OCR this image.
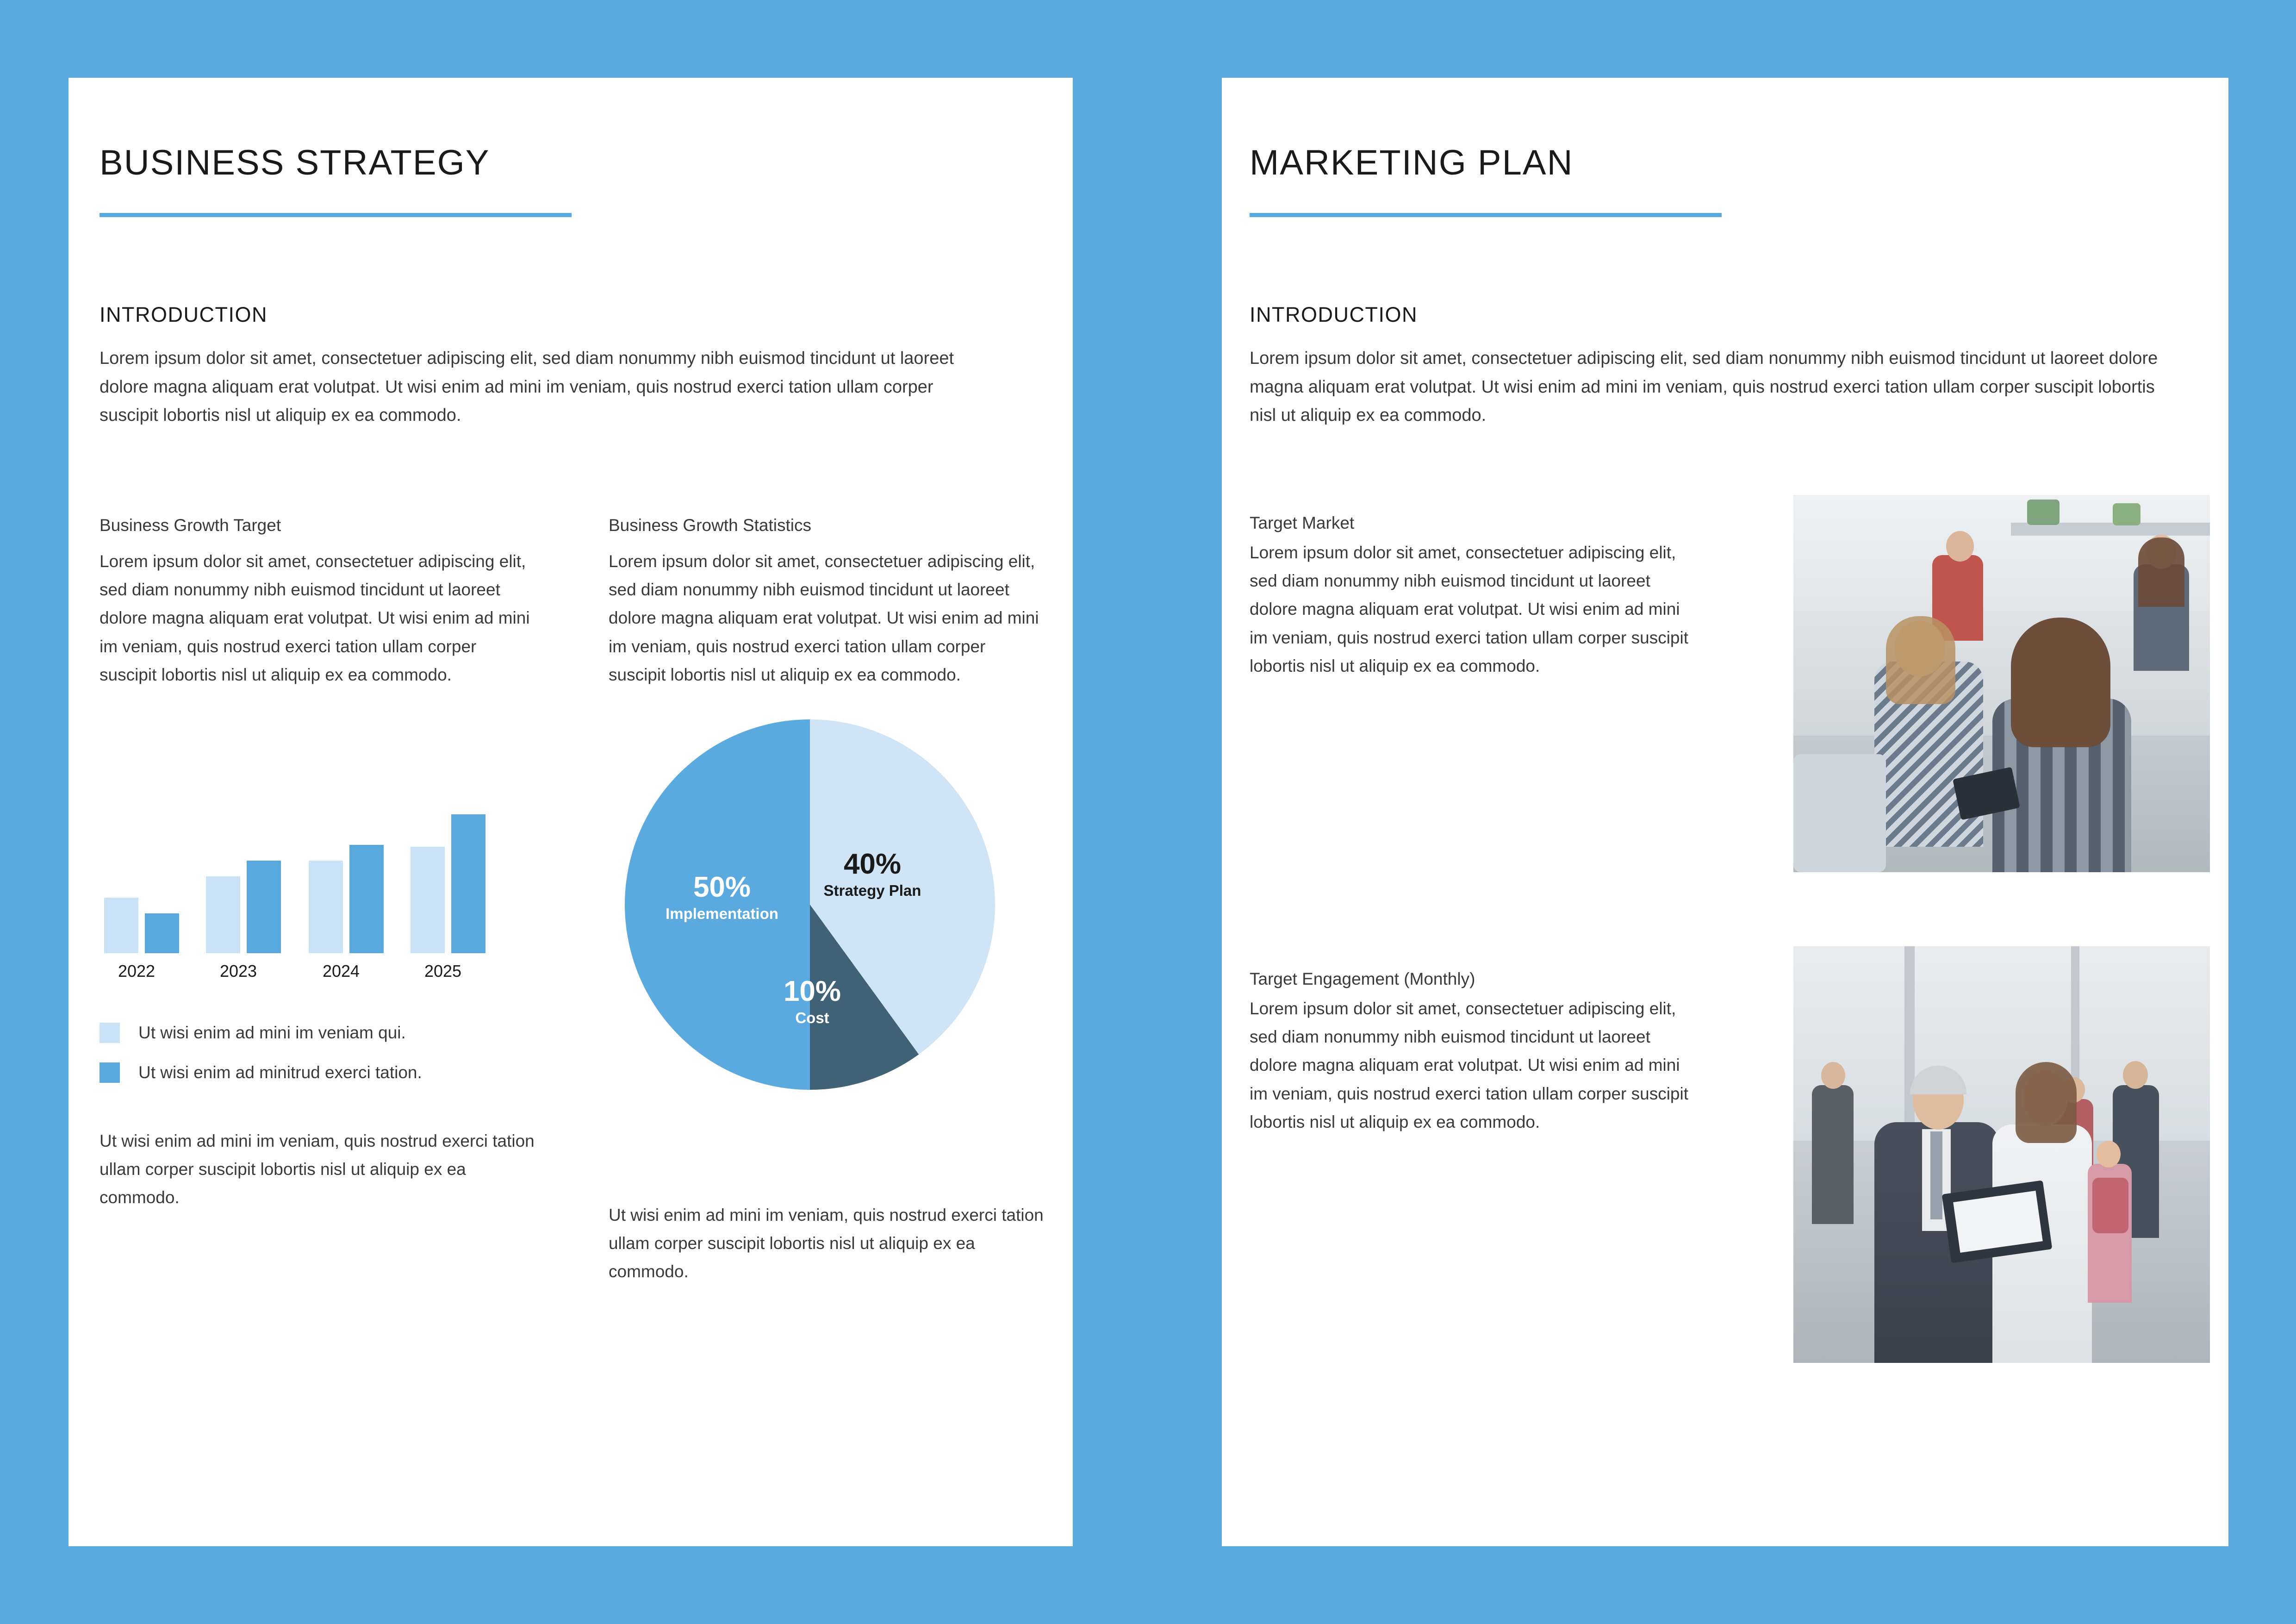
BUSINESS STRATEGY
INTRODUCTION
Lorem ipsum dolor sit amet, consectetuer adipiscing elit, sed diam nonummy nibh euismod tincidunt ut laoreet dolore magna aliquam erat volutpat. Ut wisi enim ad mini im veniam, quis nostrud exerci tation ullam corper suscipit lobortis nisl ut aliquip ex ea commodo.
Business Growth Target
Lorem ipsum dolor sit amet, consectetuer adipiscing elit, sed diam nonummy nibh euismod tincidunt ut laoreet dolore magna aliquam erat volutpat. Ut wisi enim ad mini im veniam, quis nostrud exerci tation ullam corper suscipit lobortis nisl ut aliquip ex ea commodo.
2022	2023	2024	2025
Ut wisi enim ad mini im veniam qui.
Ut wisi enim ad minitrud exerci tation.
Ut wisi enim ad mini im veniam, quis nostrud exerci tation ullam corper suscipit lobortis nisl ut aliquip ex ea commodo.
Business Growth Statistics
Lorem ipsum dolor sit amet, consectetuer adipiscing elit, sed diam nonummy nibh euismod tincidunt ut laoreet dolore magna aliquam erat volutpat. Ut wisi enim ad mini im veniam, quis nostrud exerci tation ullam corper suscipit lobortis nisl ut aliquip ex ea commodo.
40%
Strategy Plan
50%
Implementation
10%
Cost
Ut wisi enim ad mini im veniam, quis nostrud exerci tation ullam corper suscipit lobortis nisl ut aliquip ex ea commodo.
MARKETING PLAN
INTRODUCTION
Lorem ipsum dolor sit amet, consectetuer adipiscing elit, sed diam nonummy nibh euismod tincidunt ut laoreet dolore magna aliquam erat volutpat. Ut wisi enim ad mini im veniam, quis nostrud exerci tation ullam corper suscipit lobortis nisl ut aliquip ex ea commodo.
Target Market
Lorem ipsum dolor sit amet, consectetuer adipiscing elit, sed diam nonummy nibh euismod tincidunt ut laoreet dolore magna aliquam erat volutpat. Ut wisi enim ad mini im veniam, quis nostrud exerci tation ullam corper suscipit lobortis nisl ut aliquip ex ea commodo.
Target Engagement (Monthly)
Lorem ipsum dolor sit amet, consectetuer adipiscing elit, sed diam nonummy nibh euismod tincidunt ut laoreet dolore magna aliquam erat volutpat. Ut wisi enim ad mini im veniam, quis nostrud exerci tation ullam corper suscipit lobortis nisl ut aliquip ex ea commodo.
